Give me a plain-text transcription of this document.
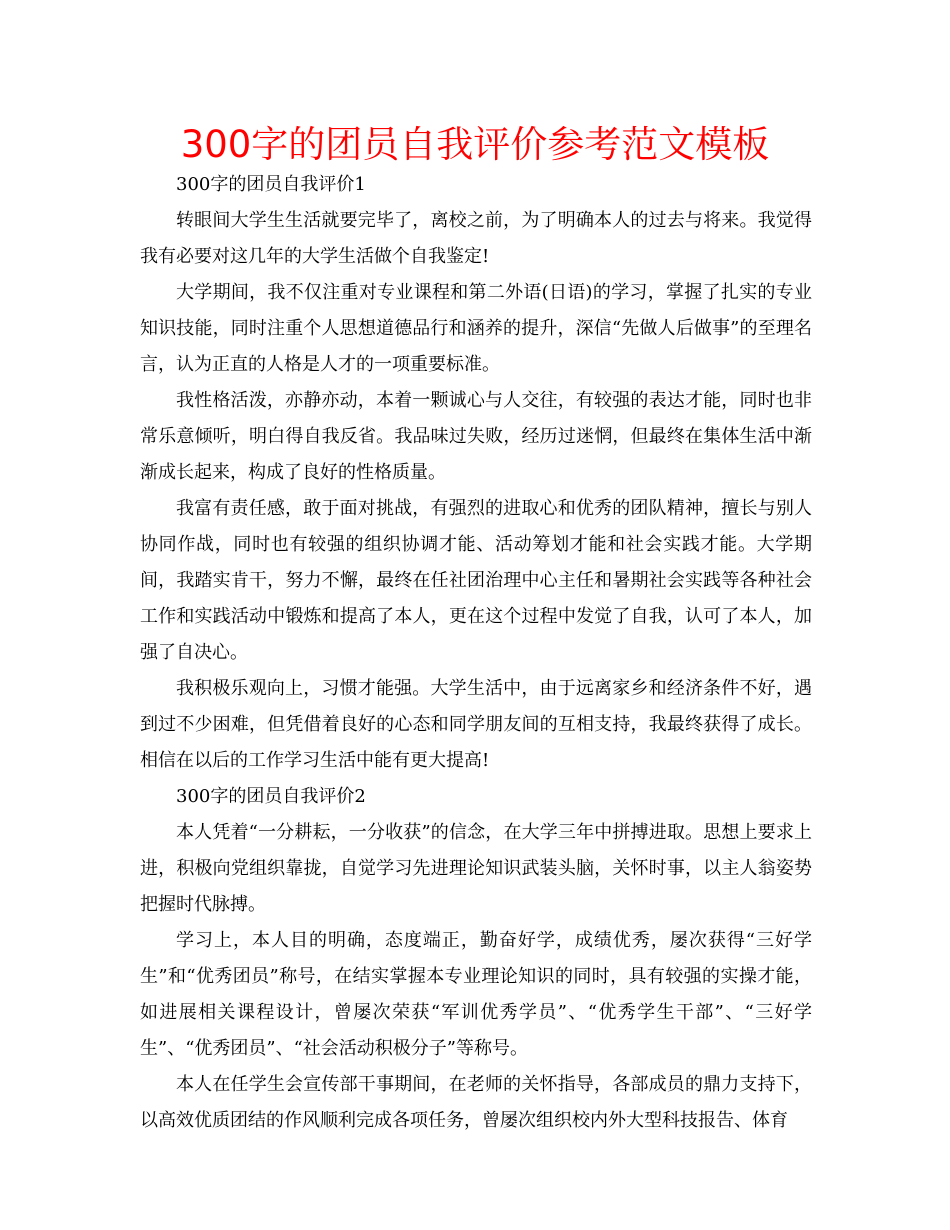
300字的团员自我评价参考范文模板

300字的团员自我评价1

转眼间大学生生活就要完毕了，离校之前，为了明确本人的过去与将来。我觉得我有必要对这几年的大学生活做个自我鉴定!

大学期间，我不仅注重对专业课程和第二外语(日语)的学习，掌握了扎实的专业知识技能，同时注重个人思想道德品行和涵养的提升，深信“先做人后做事”的至理名言，认为正直的人格是人才的一项重要标准。

我性格活泼，亦静亦动，本着一颗诚心与人交往，有较强的表达才能，同时也非常乐意倾听，明白得自我反省。我品味过失败，经历过迷惘，但最终在集体生活中渐渐成长起来，构成了良好的性格质量。

我富有责任感，敢于面对挑战，有强烈的进取心和优秀的团队精神，擅长与别人协同作战，同时也有较强的组织协调才能、活动筹划才能和社会实践才能。大学期间，我踏实肯干，努力不懈，最终在任社团治理中心主任和暑期社会实践等各种社会工作和实践活动中锻炼和提高了本人，更在这个过程中发觉了自我，认可了本人，加强了自决心。

我积极乐观向上，习惯才能强。大学生活中，由于远离家乡和经济条件不好，遇到过不少困难，但凭借着良好的心态和同学朋友间的互相支持，我最终获得了成长。相信在以后的工作学习生活中能有更大提高!

300字的团员自我评价2

本人凭着“一分耕耘，一分收获”的信念，在大学三年中拼搏进取。思想上要求上进，积极向党组织靠拢，自觉学习先进理论知识武装头脑，关怀时事，以主人翁姿势把握时代脉搏。

学习上，本人目的明确，态度端正，勤奋好学，成绩优秀，屡次获得“三好学生”和“优秀团员”称号，在结实掌握本专业理论知识的同时，具有较强的实操才能，如进展相关课程设计，曾屡次荣获“军训优秀学员”、“优秀学生干部”、“三好学生”、“优秀团员”、“社会活动积极分子”等称号。

本人在任学生会宣传部干事期间，在老师的关怀指导，各部成员的鼎力支持下，以高效优质团结的作风顺利完成各项任务，曾屡次组织校内外大型科技报告、体育
